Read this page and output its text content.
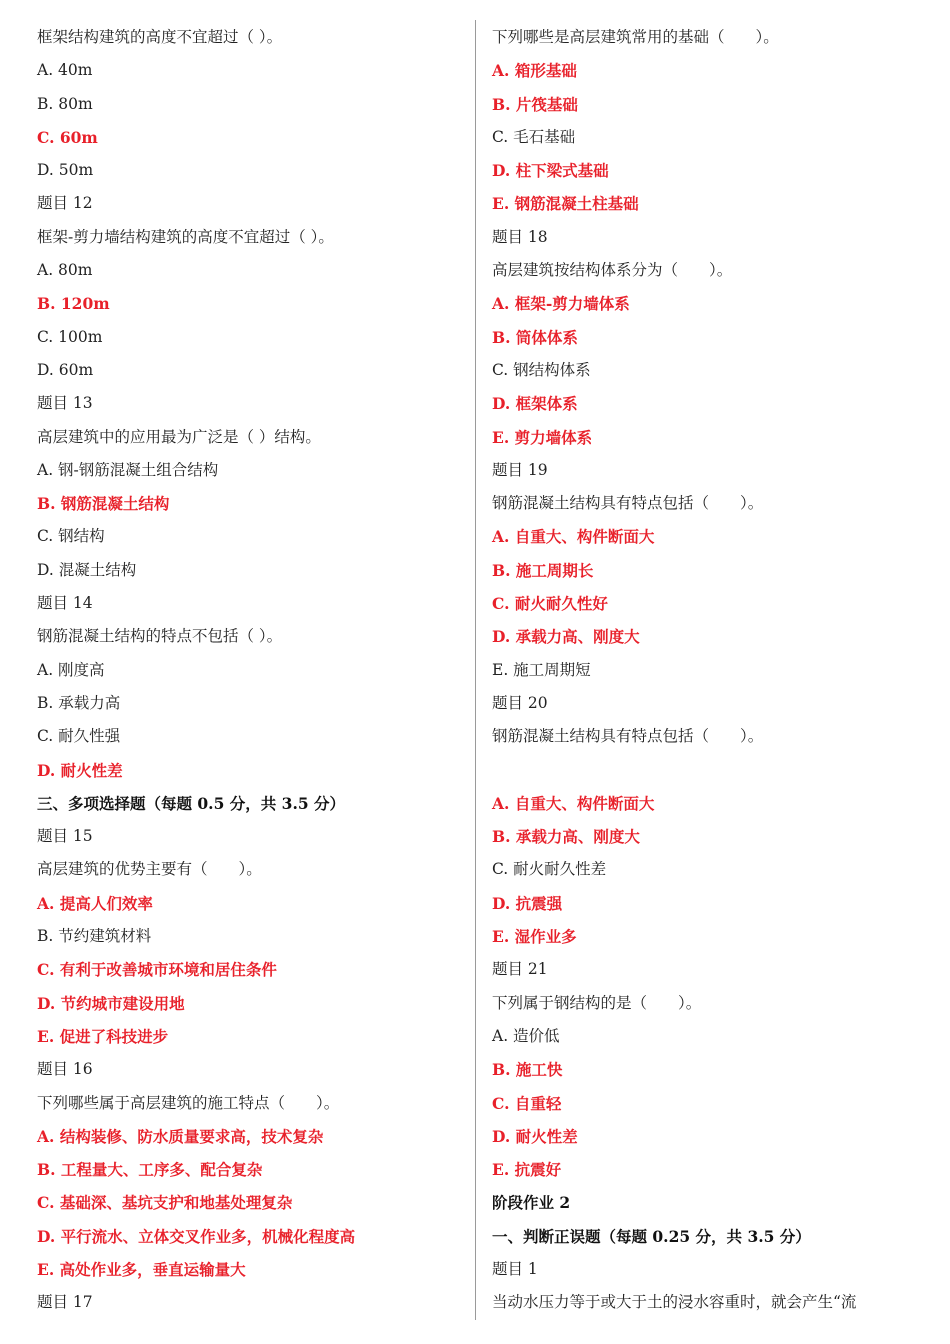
框架结构建筑的高度不宜超过（ ）。
A. 40m
B. 80m
C. 60m
D. 50m
题目 12
框架-剪力墙结构建筑的高度不宜超过（ ）。
A. 80m
B. 120m
C. 100m
D. 60m
题目 13
高层建筑中的应用最为广泛是（ ）结构。
A. 钢-钢筋混凝土组合结构
B. 钢筋混凝土结构
C. 钢结构
D. 混凝土结构
题目 14
钢筋混凝土结构的特点不包括（ ）。
A. 刚度高
B. 承载力高
C. 耐久性强
D. 耐火性差
三、多项选择题（每题 0.5 分，共 3.5 分）
题目 15
高层建筑的优势主要有（　　）。
A. 提高人们效率
B. 节约建筑材料
C. 有利于改善城市环境和居住条件
D. 节约城市建设用地
E. 促进了科技进步
题目 16
下列哪些属于高层建筑的施工特点（　　）。
A. 结构装修、防水质量要求高，技术复杂
B. 工程量大、工序多、配合复杂
C. 基础深、基坑支护和地基处理复杂
D. 平行流水、立体交叉作业多，机械化程度高
E. 高处作业多，垂直运输量大
题目 17
下列哪些是高层建筑常用的基础（　　）。
A. 箱形基础
B. 片筏基础
C. 毛石基础
D. 柱下梁式基础
E. 钢筋混凝土柱基础
题目 18
高层建筑按结构体系分为（　　）。
A. 框架-剪力墙体系
B. 筒体体系
C. 钢结构体系
D. 框架体系
E. 剪力墙体系
题目 19
钢筋混凝土结构具有特点包括（　　）。
A. 自重大、构件断面大
B. 施工周期长
C. 耐火耐久性好
D. 承载力高、刚度大
E. 施工周期短
题目 20
钢筋混凝土结构具有特点包括（　　）。
A. 自重大、构件断面大
B. 承载力高、刚度大
C. 耐火耐久性差
D. 抗震强
E. 湿作业多
题目 21
下列属于钢结构的是（　　）。
A. 造价低
B. 施工快
C. 自重轻
D. 耐火性差
E. 抗震好
阶段作业 2
一、判断正误题（每题 0.25 分，共 3.5 分）
题目 1
当动水压力等于或大于土的浸水容重时，就会产生“流
